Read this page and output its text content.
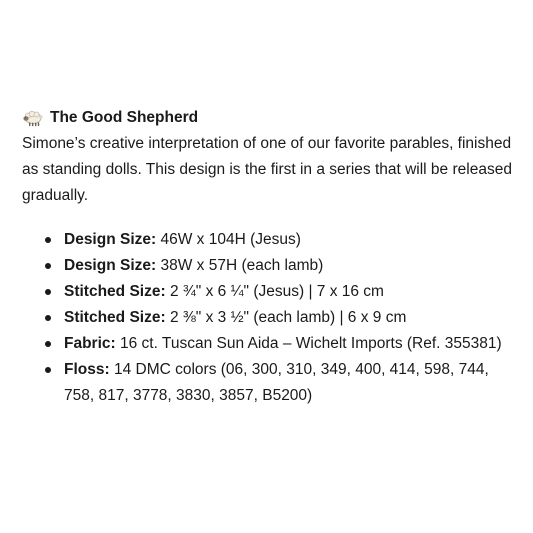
The Good Shepherd

Simone’s creative interpretation of one of our favorite parables, finished as standing dolls. This design is the first in a series that will be released gradually.

Design Size: 46W x 104H (Jesus)
Design Size: 38W x 57H (each lamb)
Stitched Size: 2 ¾" x 6 ¼" (Jesus) | 7 x 16 cm
Stitched Size: 2 ⅜" x 3 ½" (each lamb) | 6 x 9 cm
Fabric: 16 ct. Tuscan Sun Aida – Wichelt Imports (Ref. 355381)
Floss: 14 DMC colors (06, 300, 310, 349, 400, 414, 598, 744, 758, 817, 3778, 3830, 3857, B5200)
